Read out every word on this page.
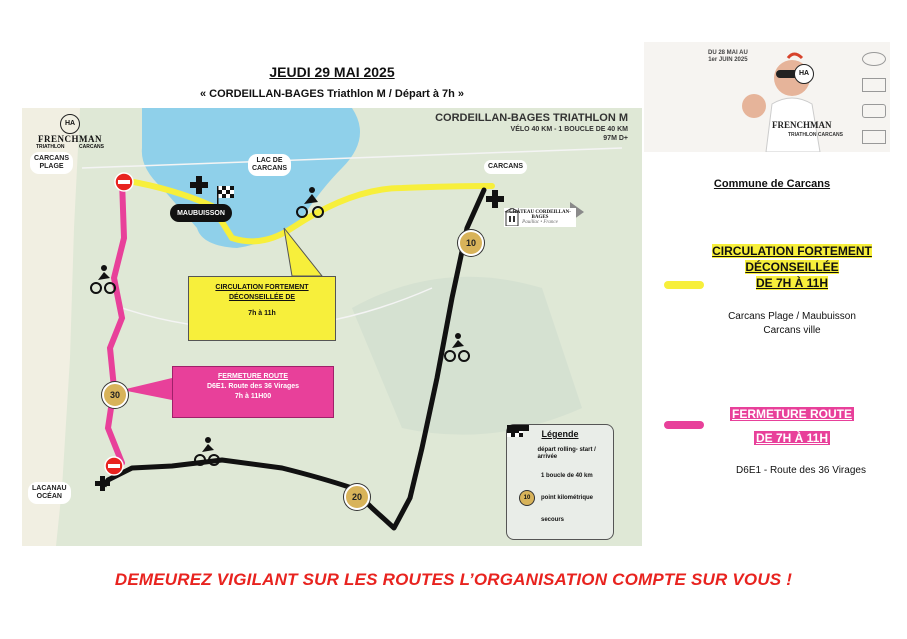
JEUDI 29 MAI 2025
« CORDEILLAN-BAGES Triathlon M / Départ à 7h »
HA
FRENCHMAN
TRIATHLON	CARCANS
CORDEILLAN-BAGES TRIATHLON M
VÉLO 40 KM - 1 BOUCLE DE 40 KM
97M D+
CARCANS
PLAGE
LAC DE
CARCANS	CARCANS
LACANAU
OCÉAN
MAUBUISSON	CHÂTEAU CORDEILLAN-BAGES
Pauillac • France
10
20
30
CIRCULATION FORTEMENT
DÉCONSEILLÉE DE
7h à 11h
FERMETURE ROUTE
D6E1. Route des 36 Virages
7h à 11H00
Légende
départ rolling- start / arrivée
1 boucle de 40 km
10	point kilométrique
secours
DU 28 MAI AU
1er JUIN 2025
HA
FRENCHMAN
TRIATHLON CARCANS
Commune de Carcans
CIRCULATION FORTEMENT
DÉCONSEILLÉE
DE 7H À 11H
Carcans Plage / Maubuisson
Carcans ville
FERMETURE ROUTE
DE 7H À 11H
D6E1 - Route des 36 Virages
DEMEUREZ VIGILANT SUR LES ROUTES L’ORGANISATION COMPTE SUR VOUS !
